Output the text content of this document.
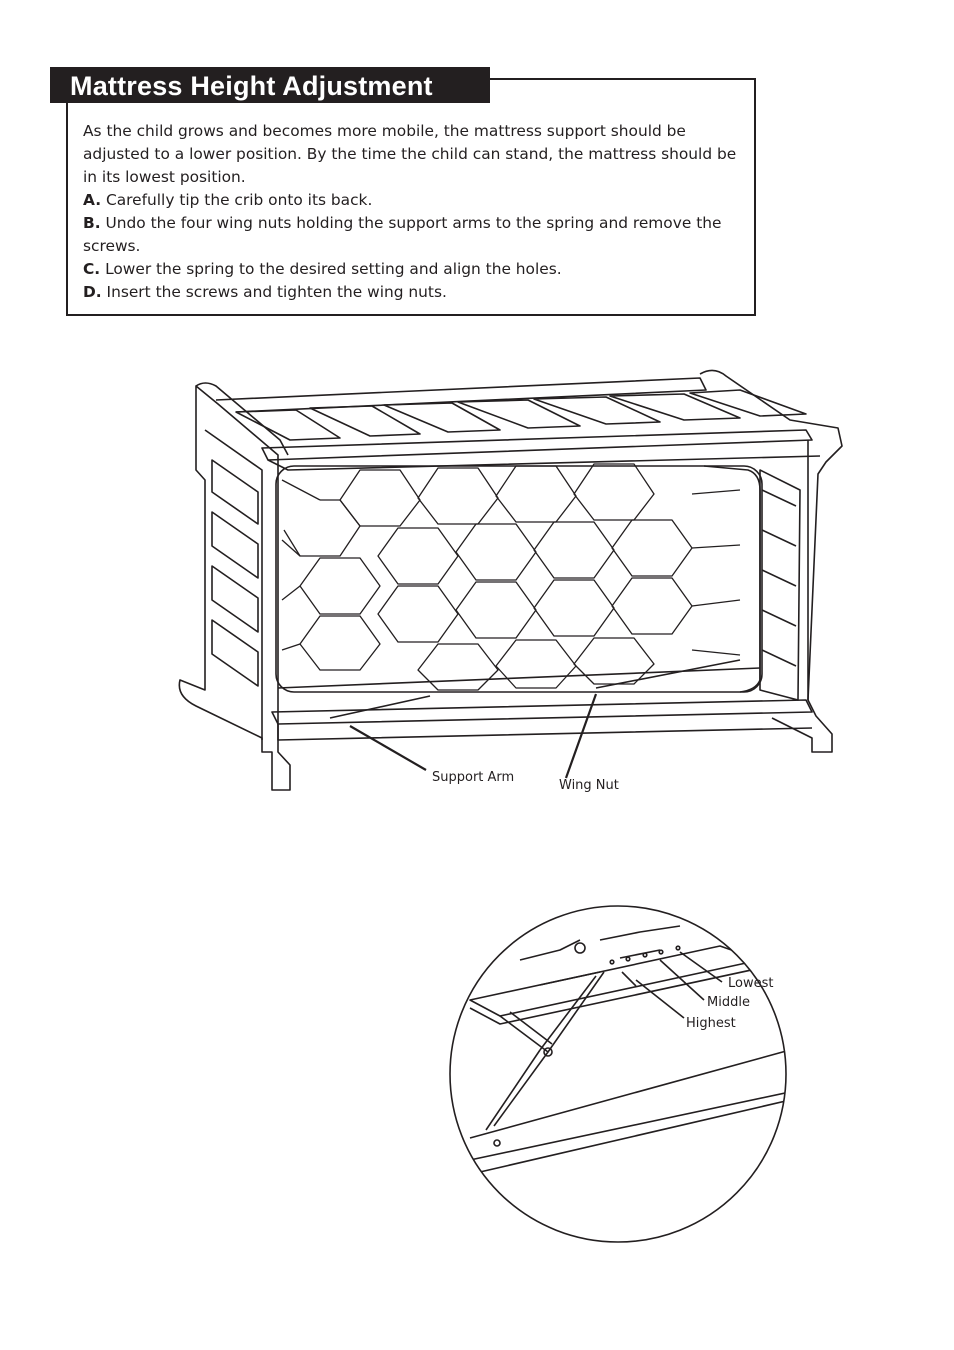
Mattress Height Adjustment

As the child grows and becomes more mobile, the mattress support should be adjusted to a lower position. By the time the child can stand, the mattress should be in its lowest position.

A. Carefully tip the crib onto its back.

B. Undo the four wing nuts holding the support arms to the spring and remove the screws.

C. Lower the spring to the desired setting and align the holes.

D. Insert the screws and tighten the wing nuts.

Support Arm
Wing Nut
Lowest
Middle
Highest
